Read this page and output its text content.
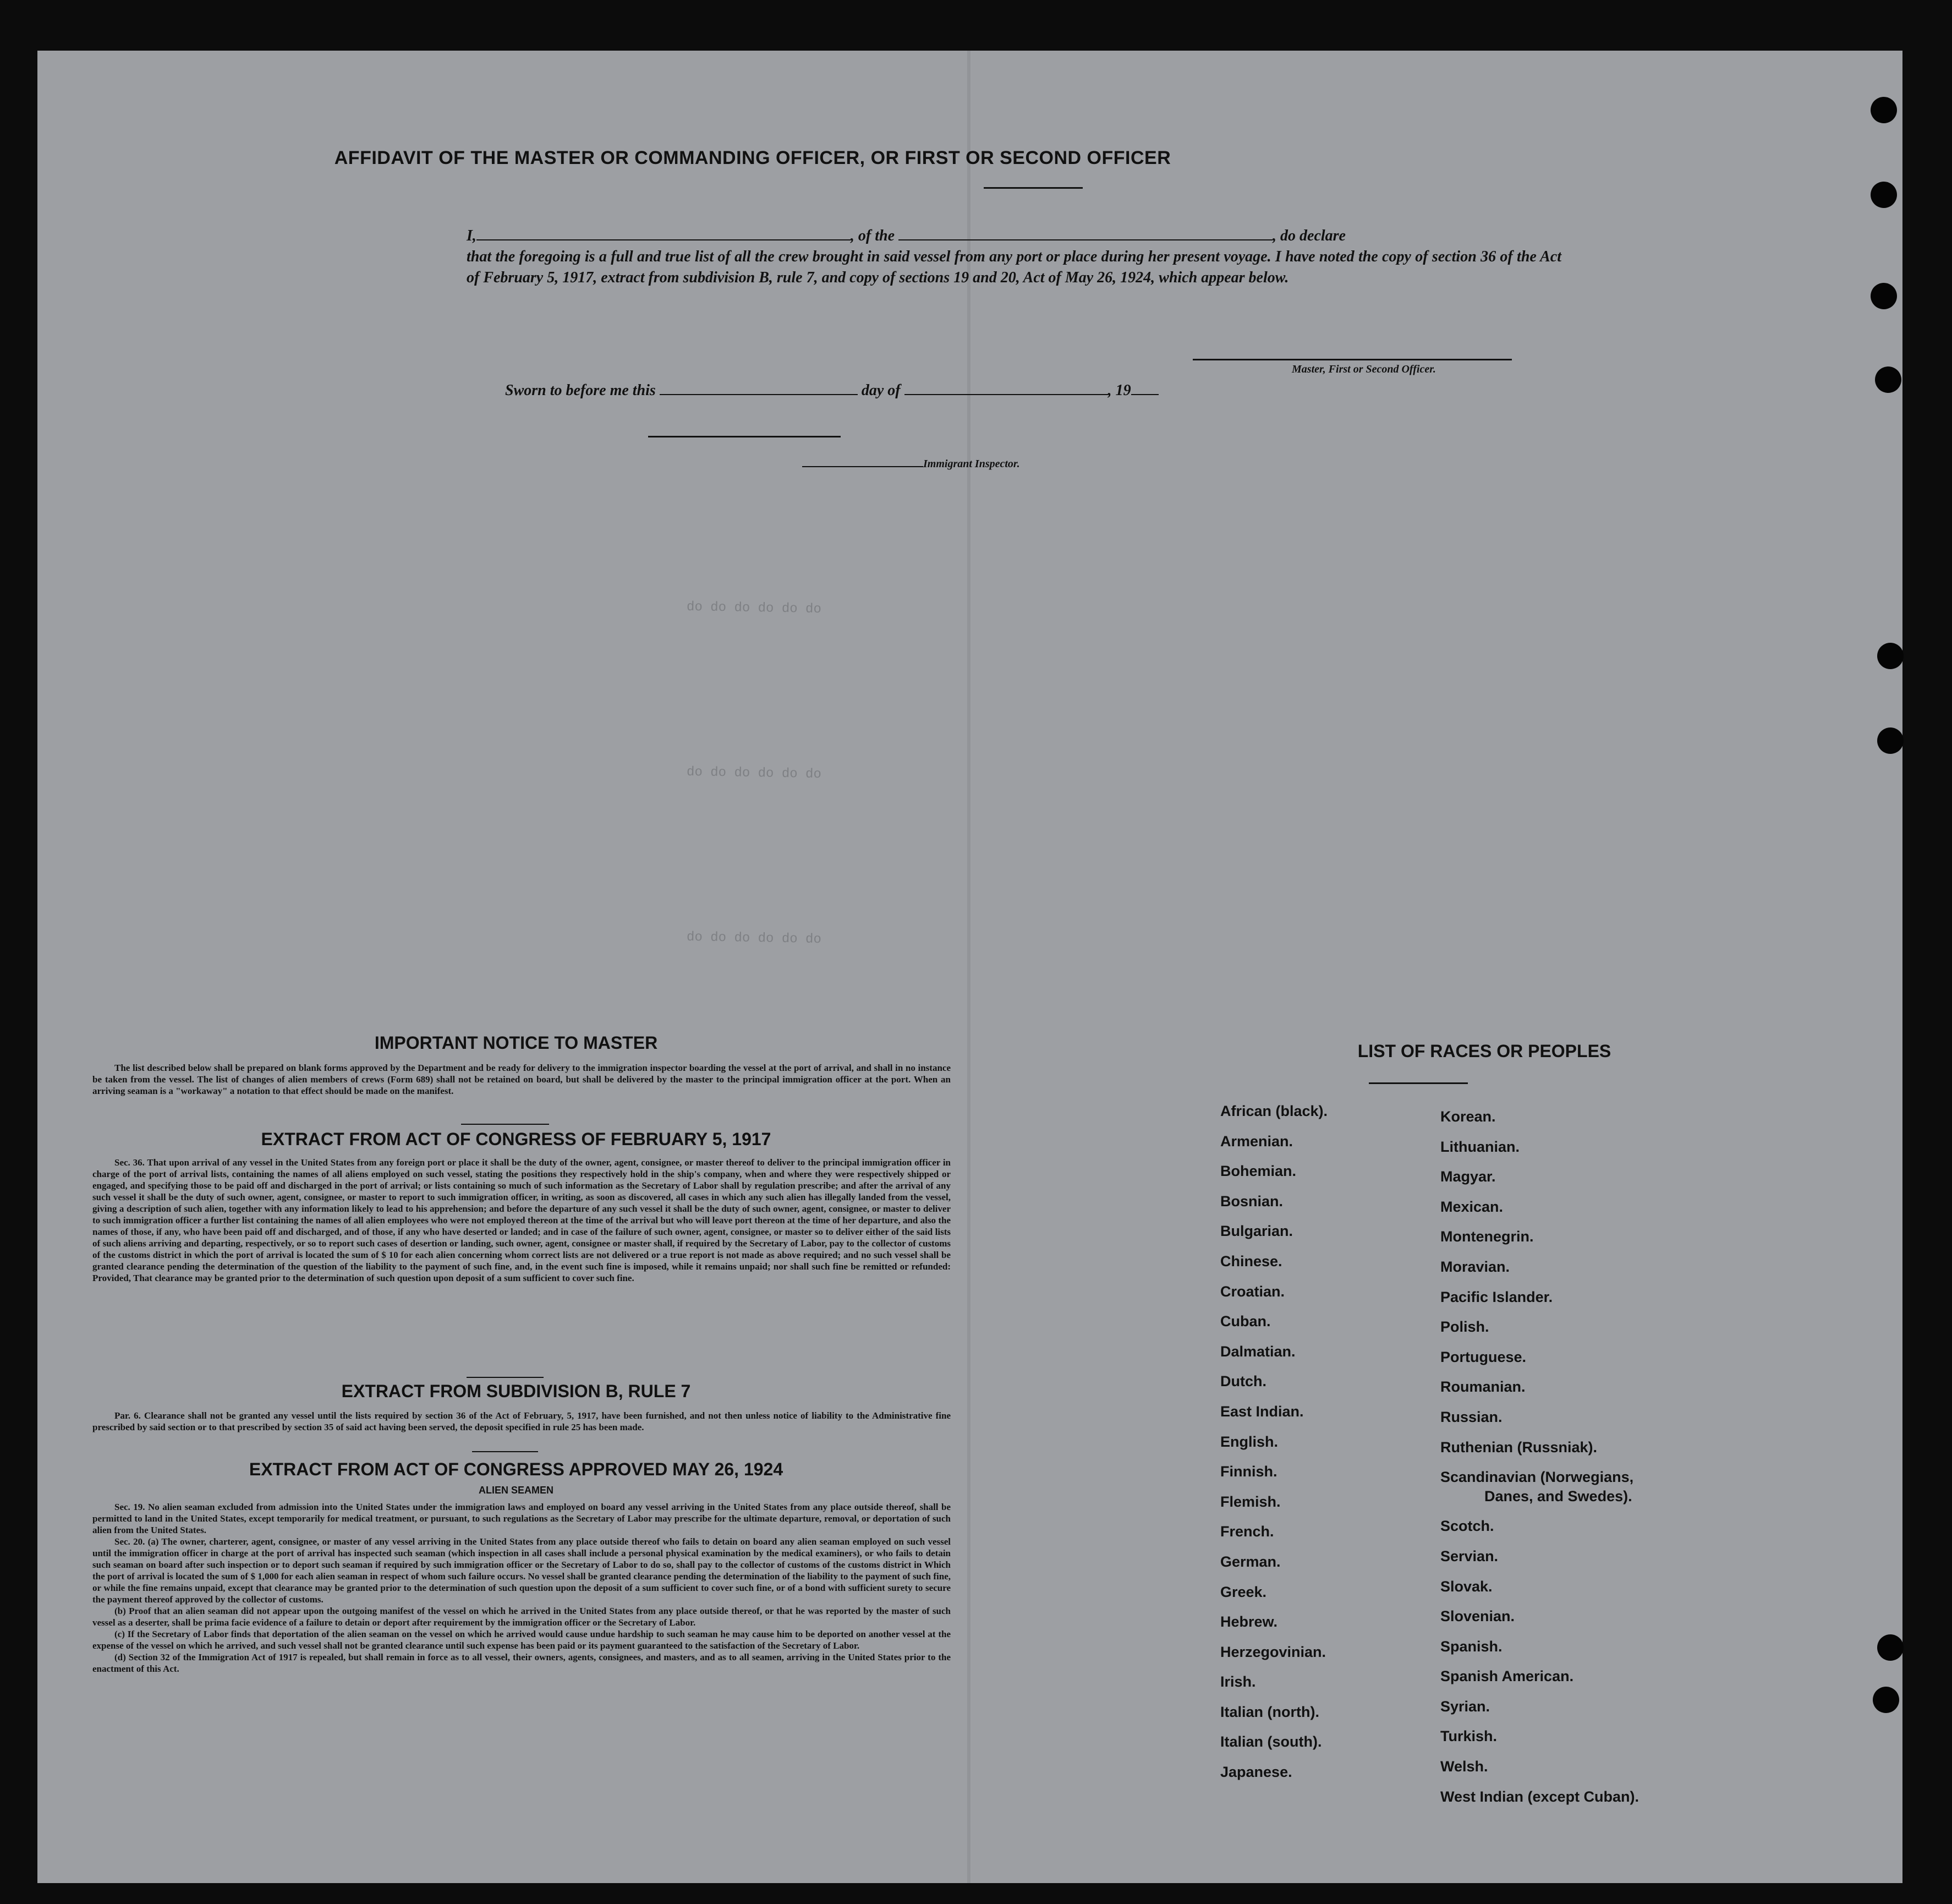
do do do do do do
do do do do do do
do do do do do do
AFFIDAVIT OF THE MASTER OR COMMANDING OFFICER, OR FIRST OR SECOND OFFICER
I,	, of the	, do declare
that the foregoing is a full and true list of all the crew brought in said vessel from any port or place during her present voyage. I have noted the copy of section 36 of the Act of February 5, 1917, extract from subdivision B, rule 7, and copy of sections 19 and 20, Act of May 26, 1924, which appear below.
Master, First or Second Officer.
Sworn to before me this	day of	, 19
Immigrant Inspector.
IMPORTANT NOTICE TO MASTER
The list described below shall be prepared on blank forms approved by the Department and be ready for delivery to the immigration inspector boarding the vessel at the port of arrival, and shall in no instance be taken from the vessel. The list of changes of alien members of crews (Form 689) shall not be retained on board, but shall be delivered by the master to the principal immigration officer at the port. When an arriving seaman is a "workaway" a notation to that effect should be made on the manifest.
EXTRACT FROM ACT OF CONGRESS OF FEBRUARY 5, 1917
Sec. 36. That upon arrival of any vessel in the United States from any foreign port or place it shall be the duty of the owner, agent, consignee, or master thereof to deliver to the principal immigration officer in charge of the port of arrival lists, containing the names of all aliens employed on such vessel, stating the positions they respectively hold in the ship's company, when and where they were respectively shipped or engaged, and specifying those to be paid off and discharged in the port of arrival; or lists containing so much of such information as the Secretary of Labor shall by regulation prescribe; and after the arrival of any such vessel it shall be the duty of such owner, agent, consignee, or master to report to such immigration officer, in writing, as soon as discovered, all cases in which any such alien has illegally landed from the vessel, giving a description of such alien, together with any information likely to lead to his apprehension; and before the departure of any such vessel it shall be the duty of such owner, agent, consignee, or master to deliver to such immigration officer a further list containing the names of all alien employees who were not employed thereon at the time of the arrival but who will leave port thereon at the time of her departure, and also the names of those, if any, who have been paid off and discharged, and of those, if any who have deserted or landed; and in case of the failure of such owner, agent, consignee, or master so to deliver either of the said lists of such aliens arriving and departing, respectively, or so to report such cases of desertion or landing, such owner, agent, consignee or master shall, if required by the Secretary of Labor, pay to the collector of customs of the customs district in which the port of arrival is located the sum of $ 10 for each alien concerning whom correct lists are not delivered or a true report is not made as above required; and no such vessel shall be granted clearance pending the determination of the question of the liability to the payment of such fine, and, in the event such fine is imposed, while it remains unpaid; nor shall such fine be remitted or refunded: Provided, That clearance may be granted prior to the determination of such question upon deposit of a sum sufficient to cover such fine.
EXTRACT FROM SUBDIVISION B, RULE 7
Par. 6. Clearance shall not be granted any vessel until the lists required by section 36 of the Act of February, 5, 1917, have been furnished, and not then unless notice of liability to the Administrative fine prescribed by said section or to that prescribed by section 35 of said act having been served, the deposit specified in rule 25 has been made.
EXTRACT FROM ACT OF CONGRESS APPROVED MAY 26, 1924
ALIEN SEAMEN
Sec. 19. No alien seaman excluded from admission into the United States under the immigration laws and employed on board any vessel arriving in the United States from any place outside thereof, shall be permitted to land in the United States, except temporarily for medical treatment, or pursuant, to such regulations as the Secretary of Labor may prescribe for the ultimate departure, removal, or deportation of such alien from the United States.
Sec. 20. (a) The owner, charterer, agent, consignee, or master of any vessel arriving in the United States from any place outside thereof who fails to detain on board any alien seaman employed on such vessel until the immigration officer in charge at the port of arrival has inspected such seaman (which inspection in all cases shall include a personal physical examination by the medical examiners), or who fails to detain such seaman on board after such inspection or to deport such seaman if required by such immigration officer or the Secretary of Labor to do so, shall pay to the collector of customs of the customs district in Which the port of arrival is located the sum of $ 1,000 for each alien seaman in respect of whom such failure occurs. No vessel shall be granted clearance pending the determination of the liability to the payment of such fine, or while the fine remains unpaid, except that clearance may be granted prior to the determination of such question upon the deposit of a sum sufficient to cover such fine, or of a bond with sufficient surety to secure the payment thereof approved by the collector of customs.
(b) Proof that an alien seaman did not appear upon the outgoing manifest of the vessel on which he arrived in the United States from any place outside thereof, or that he was reported by the master of such vessel as a deserter, shall be prima facie evidence of a failure to detain or deport after requirement by the immigration officer or the Secretary of Labor.
(c) If the Secretary of Labor finds that deportation of the alien seaman on the vessel on which he arrived would cause undue hardship to such seaman he may cause him to be deported on another vessel at the expense of the vessel on which he arrived, and such vessel shall not be granted clearance until such expense has been paid or its payment guaranteed to the satisfaction of the Secretary of Labor.
(d) Section 32 of the Immigration Act of 1917 is repealed, but shall remain in force as to all vessel, their owners, agents, consignees, and masters, and as to all seamen, arriving in the United States prior to the enactment of this Act.
LIST OF RACES OR PEOPLES
African (black).
Armenian.
Bohemian.
Bosnian.
Bulgarian.
Chinese.
Croatian.
Cuban.
Dalmatian.
Dutch.
East Indian.
English.
Finnish.
Flemish.
French.
German.
Greek.
Hebrew.
Herzegovinian.
Irish.
Italian (north).
Italian (south).
Japanese.
Korean.
Lithuanian.
Magyar.
Mexican.
Montenegrin.
Moravian.
Pacific Islander.
Polish.
Portuguese.
Roumanian.
Russian.
Ruthenian (Russniak).
Scandinavian (Norwegians,
Danes, and Swedes).
Scotch.
Servian.
Slovak.
Slovenian.
Spanish.
Spanish American.
Syrian.
Turkish.
Welsh.
West Indian (except Cuban).
